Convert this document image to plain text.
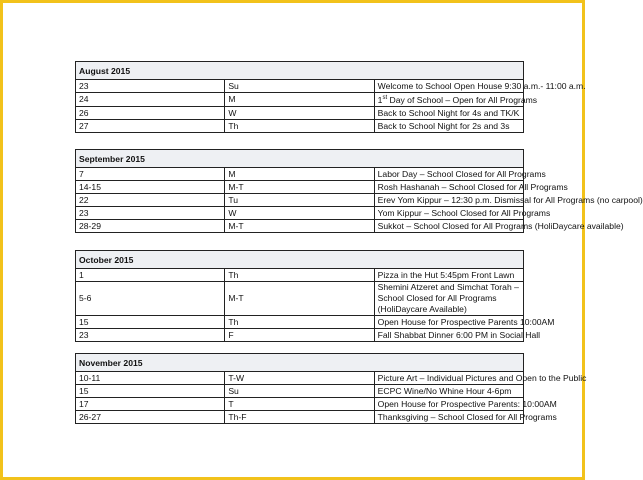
August 2015		
23	Su	Welcome to School Open House 9:30 a.m.- 11:00 a.m.
24	M	1st Day of School – Open for All Programs
26	W	Back to School Night for 4s and TK/K
27	Th	Back to School Night for 2s and 3s
September 2015		
7	M	Labor Day – School Closed for All Programs
14-15	M-T	Rosh Hashanah – School Closed for All Programs
22	Tu	Erev Yom Kippur – 12:30 p.m. Dismissal for All Programs (no carpool)
23	W	Yom Kippur – School Closed for All Programs
28-29	M-T	Sukkot – School Closed for All Programs (HoliDaycare available)
October 2015		
1	Th	Pizza in the Hut 5:45pm Front Lawn
5-6	M-T	Shemini Atzeret and Simchat Torah – School Closed for All Programs
(HoliDaycare Available)

15	Th	Open House for Prospective Parents 10:00AM
23	F	Fall Shabbat Dinner 6:00 PM in Social Hall
November 2015		
10-11	T-W	Picture Art – Individual Pictures and Open to the Public
15	Su	ECPC Wine/No Whine Hour 4-6pm
17	T	Open House for Prospective Parents: 10:00AM
26-27	Th-F	Thanksgiving – School Closed for All Programs
